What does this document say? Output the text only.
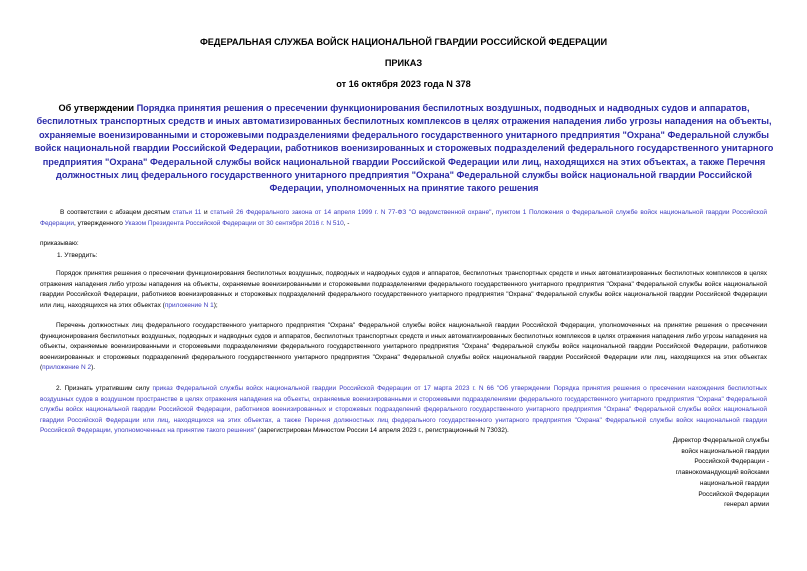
ФЕДЕРАЛЬНАЯ СЛУЖБА ВОЙСК НАЦИОНАЛЬНОЙ ГВАРДИИ РОССИЙСКОЙ ФЕДЕРАЦИИ

ПРИКАЗ

от 16 октября 2023 года N 378

Об утверждении Порядка принятия решения о пресечении функционирования беспилотных воздушных, подводных и надводных судов и аппаратов, беспилотных транспортных средств и иных автоматизированных беспилотных комплексов в целях отражения нападения либо угрозы нападения на объекты, охраняемые военизированными и сторожевыми подразделениями федерального государственного унитарного предприятия "Охрана" Федеральной службы войск национальной гвардии Российской Федерации, работников военизированных и сторожевых подразделений федерального государственного унитарного предприятия "Охрана" Федеральной службы войск национальной гвардии Российской Федерации или лиц, находящихся на этих объектах, а также Перечня должностных лиц федерального государственного унитарного предприятия "Охрана" Федеральной службы войск национальной гвардии Российской Федерации, уполномоченных на принятие такого решения

В соответствии с абзацем десятым статьи 11 и статьей 26 Федерального закона от 14 апреля 1999 г. N 77-ФЗ "О ведомственной охране", пунктом 1 Положения о Федеральной службе войск национальной гвардии Российской Федерации, утвержденного Указом Президента Российской Федерации от 30 сентября 2016 г. N 510, -

приказываю:

1. Утвердить:

Порядок принятия решения о пресечении функционирования беспилотных воздушных, подводных и надводных судов и аппаратов, беспилотных транспортных средств и иных автоматизированных беспилотных комплексов в целях отражения нападения либо угрозы нападения на объекты, охраняемые военизированными и сторожевыми подразделениями федерального государственного унитарного предприятия "Охрана" Федеральной службы войск национальной гвардии Российской Федерации, работников военизированных и сторожевых подразделений федерального государственного унитарного предприятия "Охрана" Федеральной службы войск национальной гвардии Российской Федерации или лиц, находящихся на этих объектах (приложение N 1);

Перечень должностных лиц федерального государственного унитарного предприятия "Охрана" Федеральной службы войск национальной гвардии Российской Федерации, уполномоченных на принятие решения о пресечении функционирования беспилотных воздушных, подводных и надводных судов и аппаратов, беспилотных транспортных средств и иных автоматизированных беспилотных комплексов в целях отражения нападения либо угрозы нападения на объекты, охраняемые военизированными и сторожевыми подразделениями федерального государственного унитарного предприятия "Охрана" Федеральной службы войск национальной гвардии Российской Федерации, работников военизированных и сторожевых подразделений федерального государственного унитарного предприятия "Охрана" Федеральной службы войск национальной гвардии Российской Федерации или лиц, находящихся на этих объектах (приложение N 2).

2. Признать утратившим силу приказ Федеральной службы войск национальной гвардии Российской Федерации от 17 марта 2023 г. N 66 "Об утверждении Порядка принятия решения о пресечении нахождения беспилотных воздушных судов в воздушном пространстве в целях отражения нападения на объекты, охраняемые военизированными и сторожевыми подразделениями федерального государственного унитарного предприятия "Охрана" Федеральной службы войск национальной гвардии Российской Федерации, работников военизированных и сторожевых подразделений федерального государственного унитарного предприятия "Охрана" Федеральной службы войск национальной гвардии Российской Федерации или лиц, находящихся на этих объектах, а также Перечня должностных лиц федерального государственного унитарного предприятия "Охрана" Федеральной службы войск национальной гвардии Российской Федерации, уполномоченных на принятие такого решения" (зарегистрирован Минюстом России 14 апреля 2023 г., регистрационный N 73032).

Директор Федеральной службы
войск национальной гвардии
Российской Федерации -
главнокомандующий войсками
национальной гвардии
Российской Федерации
генерал армии
